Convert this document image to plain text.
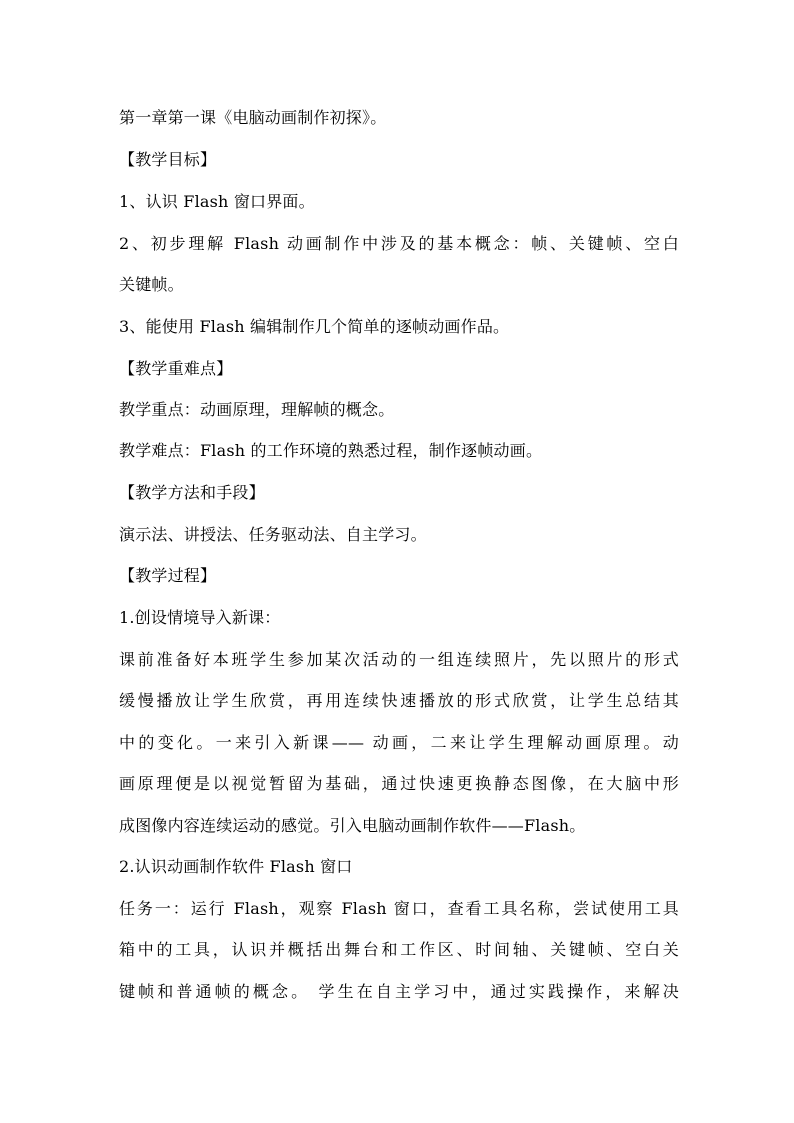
第一章第一课《电脑动画制作初探》。
【教学目标】
1、认识 Flash 窗口界面。
2、初步理解 Flash 动画制作中涉及的基本概念：帧、关键帧、空白
关键帧。
3、能使用 Flash 编辑制作几个简单的逐帧动画作品。
【教学重难点】
教学重点：动画原理，理解帧的概念。
教学难点：Flash 的工作环境的熟悉过程，制作逐帧动画。
【教学方法和手段】
演示法、讲授法、任务驱动法、自主学习。
【教学过程】
1.创设情境导入新课：
课前准备好本班学生参加某次活动的一组连续照片，先以照片的形式
缓慢播放让学生欣赏，再用连续快速播放的形式欣赏，让学生总结其
中的变化。一来引入新课—— 动画，二来让学生理解动画原理。动
画原理便是以视觉暂留为基础，通过快速更换静态图像，在大脑中形
成图像内容连续运动的感觉。引入电脑动画制作软件——Flash。
2.认识动画制作软件 Flash 窗口
任务一：运行 Flash，观察 Flash 窗口，查看工具名称，尝试使用工具
箱中的工具，认识并概括出舞台和工作区、时间轴、关键帧、空白关
键帧和普通帧的概念。 学生在自主学习中，通过实践操作，来解决
